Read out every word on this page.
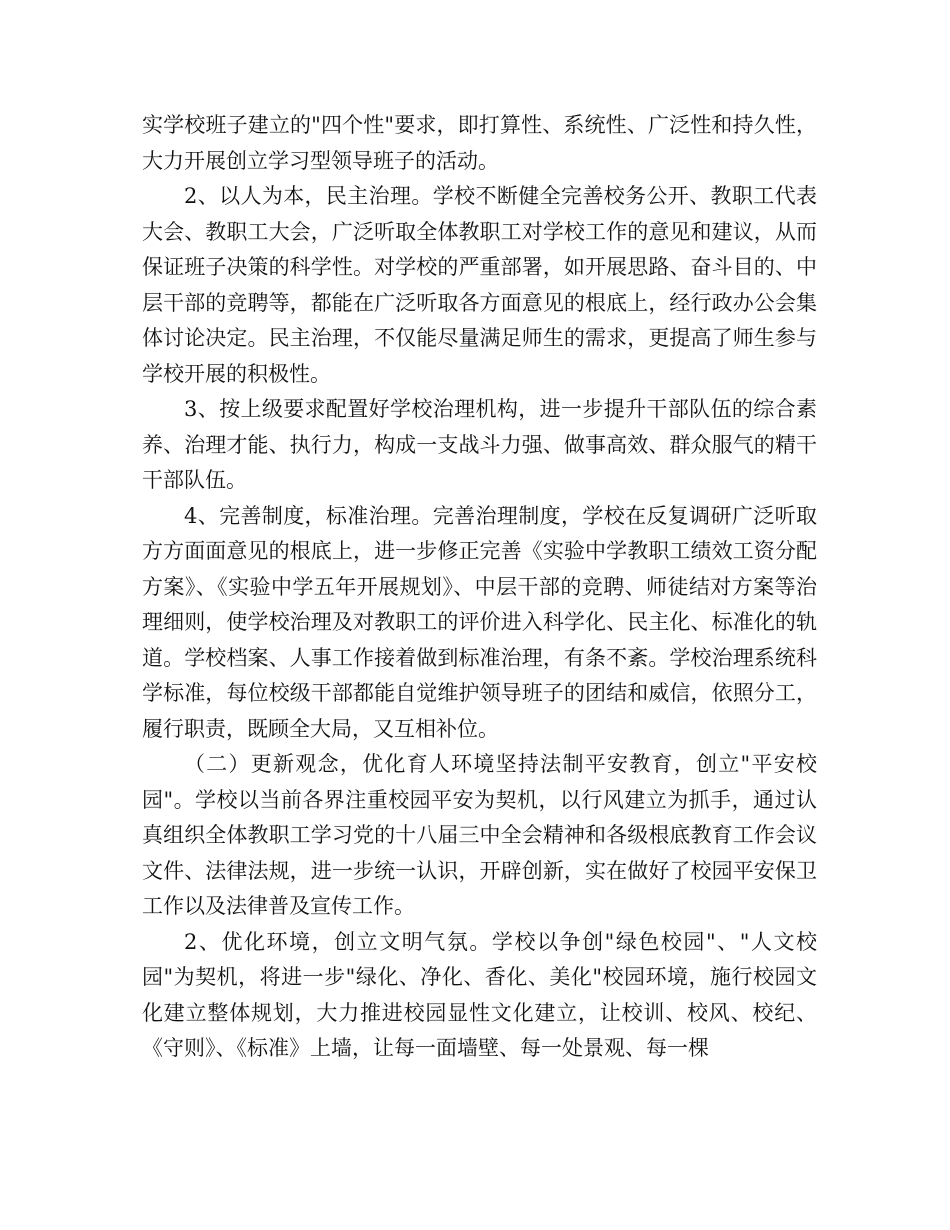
实学校班子建立的"四个性"要求，即打算性、系统性、广泛性和持久性，大力开展创立学习型领导班子的活动。

2、以人为本，民主治理。学校不断健全完善校务公开、教职工代表大会、教职工大会，广泛听取全体教职工对学校工作的意见和建议，从而保证班子决策的科学性。对学校的严重部署，如开展思路、奋斗目的、中层干部的竞聘等，都能在广泛听取各方面意见的根底上，经行政办公会集体讨论决定。民主治理，不仅能尽量满足师生的需求，更提高了师生参与学校开展的积极性。

3、按上级要求配置好学校治理机构，进一步提升干部队伍的综合素养、治理才能、执行力，构成一支战斗力强、做事高效、群众服气的精干干部队伍。

4、完善制度，标准治理。完善治理制度，学校在反复调研广泛听取方方面面意见的根底上，进一步修正完善《实验中学教职工绩效工资分配方案》、《实验中学五年开展规划》、中层干部的竞聘、师徒结对方案等治理细则，使学校治理及对教职工的评价进入科学化、民主化、标准化的轨道。学校档案、人事工作接着做到标准治理，有条不紊。学校治理系统科学标准，每位校级干部都能自觉维护领导班子的团结和威信，依照分工，履行职责，既顾全大局，又互相补位。

（二）更新观念，优化育人环境坚持法制平安教育，创立"平安校园"。学校以当前各界注重校园平安为契机，以行风建立为抓手，通过认真组织全体教职工学习党的十八届三中全会精神和各级根底教育工作会议文件、法律法规，进一步统一认识，开辟创新，实在做好了校园平安保卫工作以及法律普及宣传工作。

2、优化环境，创立文明气氛。学校以争创"绿色校园"、"人文校园"为契机，将进一步"绿化、净化、香化、美化"校园环境，施行校园文化建立整体规划，大力推进校园显性文化建立，让校训、校风、校纪、《守则》、《标准》上墙，让每一面墙壁、每一处景观、每一棵
